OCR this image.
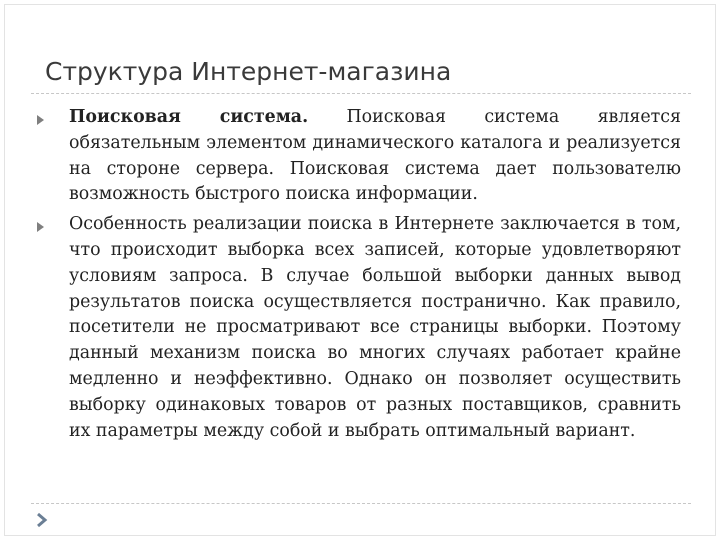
Структура Интернет-магазина
Поисковая система. Поисковая система является обязательным элементом динамического каталога и реализуется на стороне сервера. Поисковая система дает пользователю возможность быстрого поиска информации.
Особенность реализации поиска в Интернете заключается в том, что происходит выборка всех записей, которые удовлетворяют условиям запроса. В случае большой выборки данных вывод результатов поиска осуществляется постранично. Как правило, посетители не просматривают все страницы выборки. Поэтому данный механизм поиска во многих случаях работает крайне медленно и неэффективно. Однако он позволяет осуществить выборку одинаковых товаров от разных поставщиков, сравнить их параметры между собой и выбрать оптимальный вариант.
